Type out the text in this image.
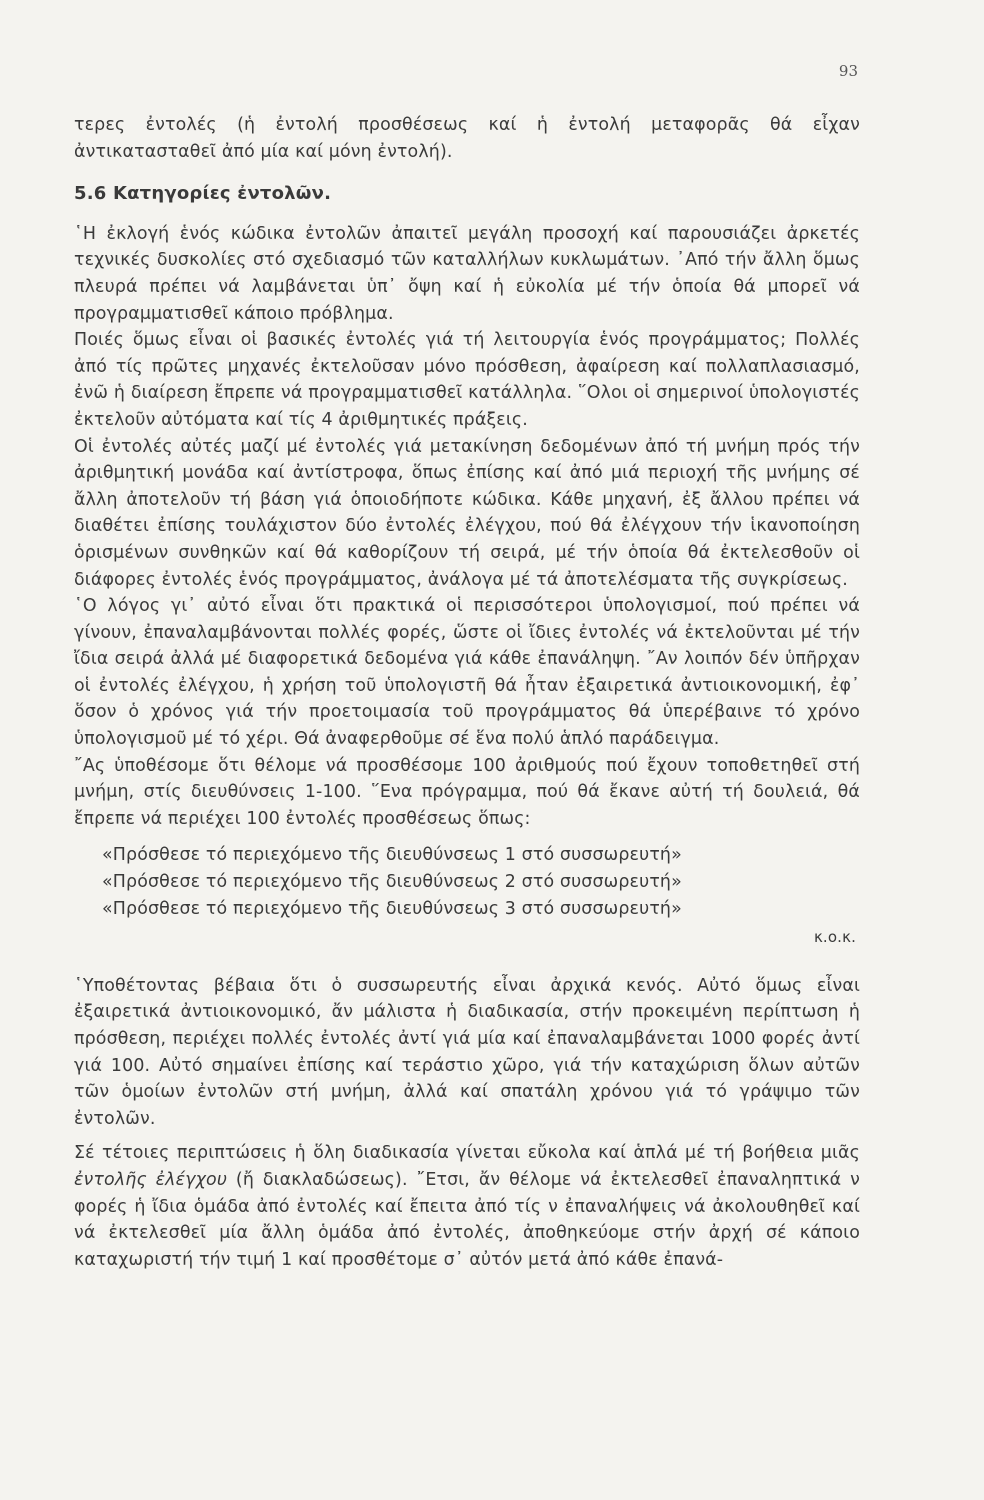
93

τερες ἐντολές (ἡ ἐντολή προσθέσεως καί ἡ ἐντολή μεταφορᾶς θά εἶχαν ἀντικατασταθεῖ ἀπό μία καί μόνη ἐντολή).

5.6 Κατηγορίες ἐντολῶν.

῾Η ἐκλογή ἑνός κώδικα ἐντολῶν ἀπαιτεῖ μεγάλη προσοχή καί παρουσιάζει ἀρκετές τεχνικές δυσκολίες στό σχεδιασμό τῶν καταλλήλων κυκλωμάτων. ᾿Από τήν ἄλλη ὅμως πλευρά πρέπει νά λαμβάνεται ὑπ᾿ ὄψη καί ἡ εὐκολία μέ τήν ὁποία θά μπορεῖ νά προγραμματισθεῖ κάποιο πρόβλημα.

Ποιές ὅμως εἶναι οἱ βασικές ἐντολές γιά τή λειτουργία ἑνός προγράμματος; Πολλές ἀπό τίς πρῶτες μηχανές ἐκτελοῦσαν μόνο πρόσθεση, ἀφαίρεση καί πολλαπλασιασμό, ἐνῶ ἡ διαίρεση ἔπρεπε νά προγραμματισθεῖ κατάλληλα. ῞Ολοι οἱ σημερινοί ὑπολογιστές ἐκτελοῦν αὐτόματα καί τίς 4 ἀριθμητικές πράξεις.

Οἱ ἐντολές αὐτές μαζί μέ ἐντολές γιά μετακίνηση δεδομένων ἀπό τή μνήμη πρός τήν ἀριθμητική μονάδα καί ἀντίστροφα, ὅπως ἐπίσης καί ἀπό μιά περιοχή τῆς μνήμης σέ ἄλλη ἀποτελοῦν τή βάση γιά ὁποιοδήποτε κώδικα. Κάθε μηχανή, ἐξ ἄλλου πρέπει νά διαθέτει ἐπίσης τουλάχιστον δύο ἐντολές ἐλέγχου, πού θά ἐλέγχουν τήν ἱκανοποίηση ὁρισμένων συνθηκῶν καί θά καθορίζουν τή σειρά, μέ τήν ὁποία θά ἐκτελεσθοῦν οἱ διάφορες ἐντολές ἑνός προγράμματος, ἀνάλογα μέ τά ἀποτελέσματα τῆς συγκρίσεως.

῾Ο λόγος γι᾿ αὐτό εἶναι ὅτι πρακτικά οἱ περισσότεροι ὑπολογισμοί, πού πρέπει νά γίνουν, ἐπαναλαμβάνονται πολλές φορές, ὥστε οἱ ἴδιες ἐντολές νά ἐκτελοῦνται μέ τήν ἴδια σειρά ἀλλά μέ διαφορετικά δεδομένα γιά κάθε ἐπανάληψη. ῎Αν λοιπόν δέν ὑπῆρχαν οἱ ἐντολές ἐλέγχου, ἡ χρήση τοῦ ὑπολογιστῆ θά ἦταν ἐξαιρετικά ἀντιοικονομική, ἐφ᾿ ὅσον ὁ χρόνος γιά τήν προετοιμασία τοῦ προγράμματος θά ὑπερέβαινε τό χρόνο ὑπολογισμοῦ μέ τό χέρι. Θά ἀναφερθοῦμε σέ ἕνα πολύ ἁπλό παράδειγμα.

῎Ας ὑποθέσομε ὅτι θέλομε νά προσθέσομε 100 ἀριθμούς πού ἔχουν τοποθετηθεῖ στή μνήμη, στίς διευθύνσεις 1-100. ῞Ενα πρόγραμμα, πού θά ἔκανε αὐτή τή δουλειά, θά ἔπρεπε νά περιέχει 100 ἐντολές προσθέσεως ὅπως:

«Πρόσθεσε τό περιεχόμενο τῆς διευθύνσεως 1 στό συσσωρευτή»
«Πρόσθεσε τό περιεχόμενο τῆς διευθύνσεως 2 στό συσσωρευτή»
«Πρόσθεσε τό περιεχόμενο τῆς διευθύνσεως 3 στό συσσωρευτή»

κ.ο.κ.

῾Υποθέτοντας βέβαια ὅτι ὁ συσσωρευτής εἶναι ἀρχικά κενός. Αὐτό ὅμως εἶναι ἐξαιρετικά ἀντιοικονομικό, ἄν μάλιστα ἡ διαδικασία, στήν προκειμένη περίπτωση ἡ πρόσθεση, περιέχει πολλές ἐντολές ἀντί γιά μία καί ἐπαναλαμβάνεται 1000 φορές ἀντί γιά 100. Αὐτό σημαίνει ἐπίσης καί τεράστιο χῶρο, γιά τήν καταχώριση ὅλων αὐτῶν τῶν ὁμοίων ἐντολῶν στή μνήμη, ἀλλά καί σπατάλη χρόνου γιά τό γράψιμο τῶν ἐντολῶν.

Σέ τέτοιες περιπτώσεις ἡ ὅλη διαδικασία γίνεται εὔκολα καί ἁπλά μέ τή βοήθεια μιᾶς ἐντολῆς ἐλέγχου (ἤ διακλαδώσεως). ῎Ετσι, ἄν θέλομε νά ἐκτελεσθεῖ ἐπαναληπτικά ν φορές ἡ ἴδια ὁμάδα ἀπό ἐντολές καί ἔπειτα ἀπό τίς ν ἐπαναλήψεις νά ἀκολουθηθεῖ καί νά ἐκτελεσθεῖ μία ἄλλη ὁμάδα ἀπό ἐντολές, ἀποθηκεύομε στήν ἀρχή σέ κάποιο καταχωριστή τήν τιμή 1 καί προσθέτομε σ᾿ αὐτόν μετά ἀπό κάθε ἐπανά-
